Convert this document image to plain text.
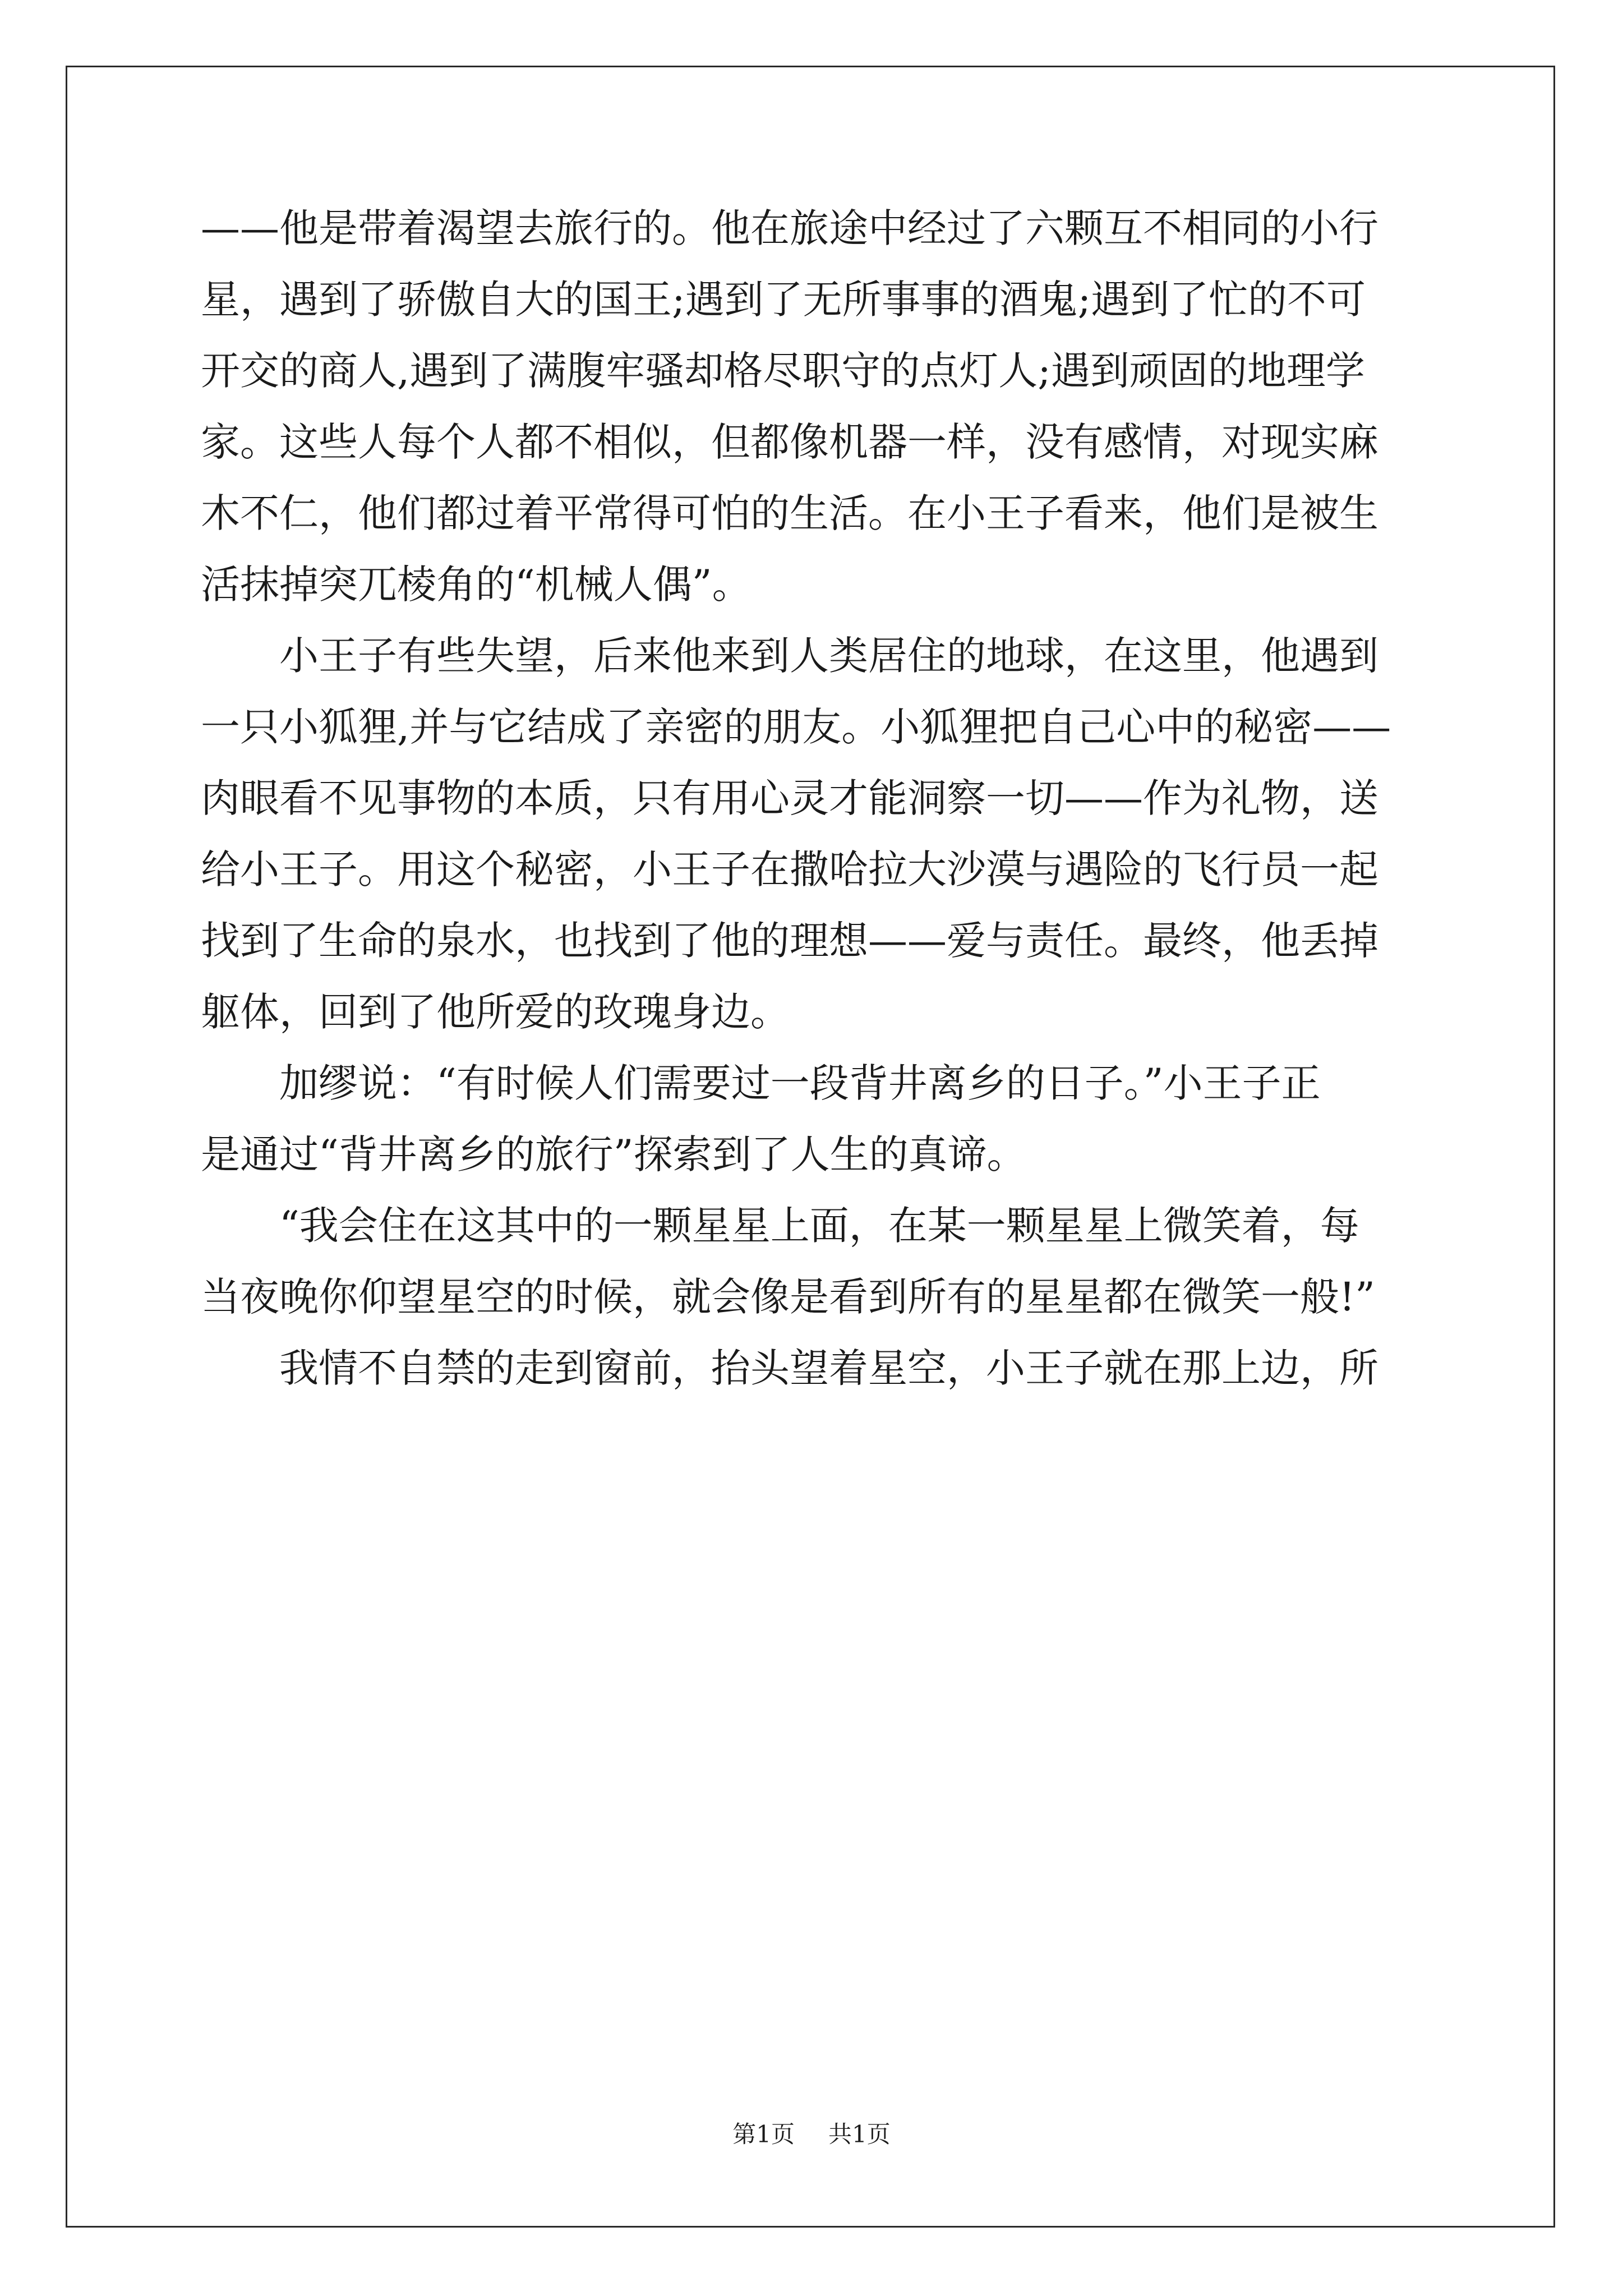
——他是带着渴望去旅行的。他在旅途中经过了六颗互不相同的小行
星，遇到了骄傲自大的国王;遇到了无所事事的酒鬼;遇到了忙的不可
开交的商人,遇到了满腹牢骚却格尽职守的点灯人;遇到顽固的地理学
家。这些人每个人都不相似，但都像机器一样，没有感情，对现实麻
木不仁，他们都过着平常得可怕的生活。在小王子看来，他们是被生
活抹掉突兀棱角的“机械人偶”。
　　小王子有些失望，后来他来到人类居住的地球，在这里，他遇到
一只小狐狸,并与它结成了亲密的朋友。小狐狸把自己心中的秘密——
肉眼看不见事物的本质，只有用心灵才能洞察一切——作为礼物，送
给小王子。用这个秘密，小王子在撒哈拉大沙漠与遇险的飞行员一起
找到了生命的泉水，也找到了他的理想——爱与责任。最终，他丢掉
躯体，回到了他所爱的玫瑰身边。
　　加缪说：“有时候人们需要过一段背井离乡的日子。”小王子正
是通过“背井离乡的旅行”探索到了人生的真谛。
　　“我会住在这其中的一颗星星上面，在某一颗星星上微笑着，每
当夜晚你仰望星空的时候，就会像是看到所有的星星都在微笑一般!”
　　我情不自禁的走到窗前，抬头望着星空，小王子就在那上边，所
第1页 共1页
